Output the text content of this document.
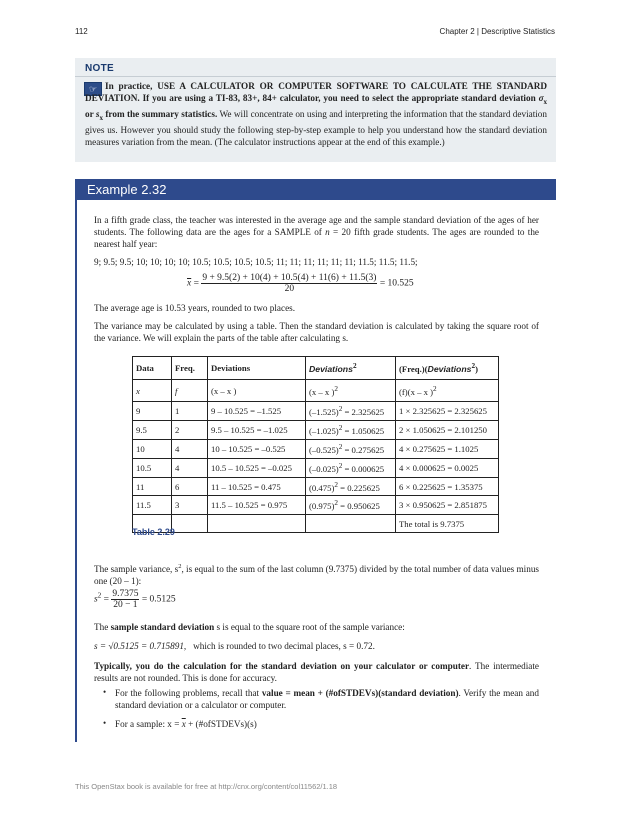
112	Chapter 2 | Descriptive Statistics
NOTE
☞ In practice, USE A CALCULATOR OR COMPUTER SOFTWARE TO CALCULATE THE STANDARD DEVIATION. If you are using a TI-83, 83+, 84+ calculator, you need to select the appropriate standard deviation $\sigma_x$ or $s_x$ from the summary statistics. We will concentrate on using and interpreting the information that the standard deviation gives us. However you should study the following step-by-step example to help you understand how the standard deviation measures variation from the mean. (The calculator instructions appear at the end of this example.)
Example 2.32
In a fifth grade class, the teacher was interested in the average age and the sample standard deviation of the ages of her students. The following data are the ages for a SAMPLE of n = 20 fifth grade students. The ages are rounded to the nearest half year:
9; 9.5; 9.5; 10; 10; 10; 10; 10.5; 10.5; 10.5; 10.5; 11; 11; 11; 11; 11; 11; 11.5; 11.5; 11.5;
$\overline{x} = \frac{9 + 9.5(2) + 10(4) + 10.5(4) + 11(6) + 11.5(3)}{20} = 10.525$
The average age is 10.53 years, rounded to two places.
The variance may be calculated by using a table. Then the standard deviation is calculated by taking the square root of the variance. We will explain the parts of the table after calculating s.
Data	Freq.	Deviations	Deviations$^2$	(Freq.)(Deviations$^2$)
x	f	(x – x )	(x – x )$^2$	(f)(x – x )$^2$
9	1	9 – 10.525 = –1.525	$(-1.525)^2 = 2.325625$	1 × 2.325625 = 2.325625
9.5	2	9.5 – 10.525 = –1.025	$(-1.025)^2 = 1.050625$	2 × 1.050625 = 2.101250
10	4	10 – 10.525 = –0.525	$(-0.525)^2 = 0.275625$	4 × 0.275625 = 1.1025
10.5	4	10.5 – 10.525 = –0.025	$(-0.025)^2 = 0.000625$	4 × 0.000625 = 0.0025
11	6	11 – 10.525 = 0.475	$(0.475)^2 = 0.225625$	6 × 0.225625 = 1.35375
11.5	3	11.5 – 10.525 = 0.975	$(0.975)^2 = 0.950625$	3 × 0.950625 = 2.851875
				The total is 9.7375
Table 2.29
The sample variance, $s^2$, is equal to the sum of the last column (9.7375) divided by the total number of data values minus one (20 – 1):
$s^2 = \frac{9.7375}{20 - 1} = 0.5125$
The sample standard deviation s is equal to the square root of the sample variance:
s = √0.5125 = 0.715891, which is rounded to two decimal places, s = 0.72.
Typically, you do the calculation for the standard deviation on your calculator or computer. The intermediate results are not rounded. This is done for accuracy.
• For the following problems, recall that value = mean + (#ofSTDEVs)(standard deviation). Verify the mean and standard deviation or a calculator or computer.
• For a sample: $x = \overline{x}$ + (#ofSTDEVs)(s)
This OpenStax book is available for free at http://cnx.org/content/col11562/1.18
